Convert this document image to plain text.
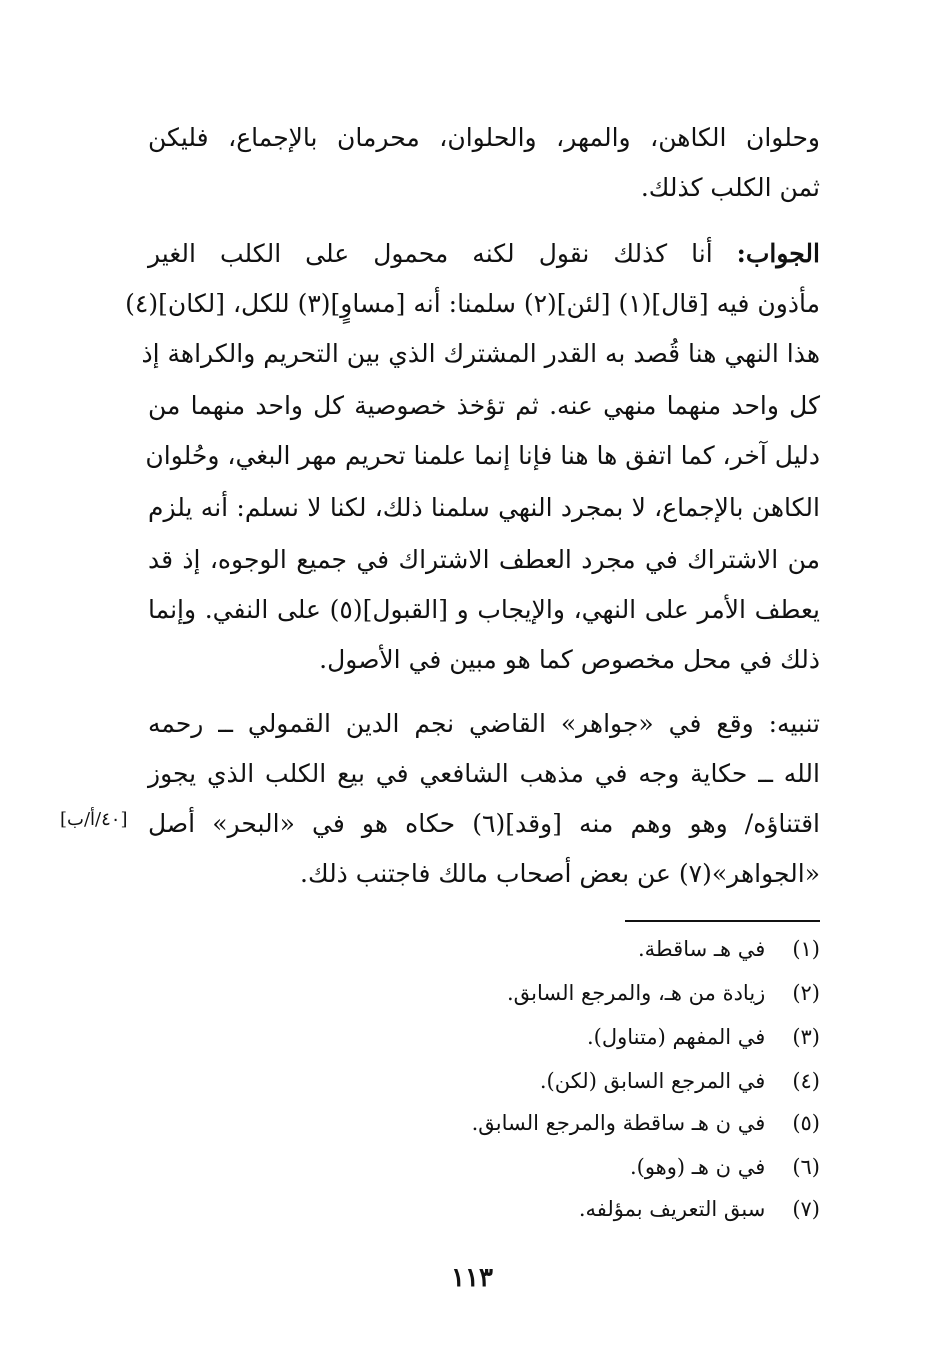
وحلوان الكاهن، والمهر، والحلوان، محرمان بالإجماع، فليكن
ثمن الكلب كذلك.
الجواب: أنا كذلك نقول لكنه محمول على الكلب الغير
مأذون فيه [قال](١) [لئن](٢) سلمنا: أنه [مساوٍ](٣) للكل، [لكان](٤)
هذا النهي هنا قُصد به القدر المشترك الذي بين التحريم والكراهة إذ
كل واحد منهما منهي عنه. ثم تؤخذ خصوصية كل واحد منهما من
دليل آخر، كما اتفق ها هنا فإنا إنما علمنا تحريم مهر البغي، وحُلوان
الكاهن بالإجماع، لا بمجرد النهي سلمنا ذلك، لكنا لا نسلم: أنه يلزم
من الاشتراك في مجرد العطف الاشتراك في جميع الوجوه، إذ قد
يعطف الأمر على النهي، والإيجاب و [القبول](٥) على النفي. وإنما
ذلك في محل مخصوص كما هو مبين في الأصول.
تنبيه: وقع في «جواهر» القاضي نجم الدين القمولي ــ رحمه
الله ــ حكاية وجه في مذهب الشافعي في بيع الكلب الذي يجوز
اقتناؤه/ وهو وهم منه [وقد](٦) حكاه هو في «البحر» أصل
«الجواهر»(٧) عن بعض أصحاب مالك فاجتنب ذلك.
[٤٠/أ/ب]
(١) في هـ ساقطة.
(٢) زيادة من هـ، والمرجع السابق.
(٣) في المفهم (متناول).
(٤) في المرجع السابق (لكن).
(٥) في ن هـ ساقطة والمرجع السابق.
(٦) في ن هـ (وهو).
(٧) سبق التعريف بمؤلفه.
١١٣
